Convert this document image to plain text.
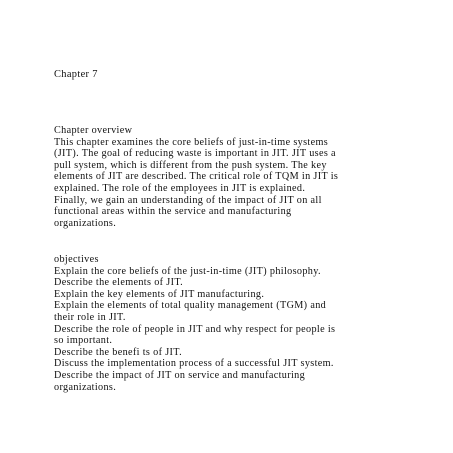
Chapter 7
Chapter overview
This chapter examines the core beliefs of just-in-time systems
(JIT). The goal of reducing waste is important in JIT. JIT uses a
pull system, which is different from the push system. The key
elements of JIT are described. The critical role of TQM in JIT is
explained. The role of the employees in JIT is explained.
Finally, we gain an understanding of the impact of JIT on all
functional areas within the service and manufacturing
organizations.
objectives
Explain the core beliefs of the just-in-time (JIT) philosophy.
Describe the elements of JIT.
Explain the key elements of JIT manufacturing.
Explain the elements of total quality management (TGM) and
their role in JIT.
Describe the role of people in JIT and why respect for people is
so important.
Describe the benefi ts of JIT.
Discuss the implementation process of a successful JIT system.
Describe the impact of JIT on service and manufacturing
organizations.
